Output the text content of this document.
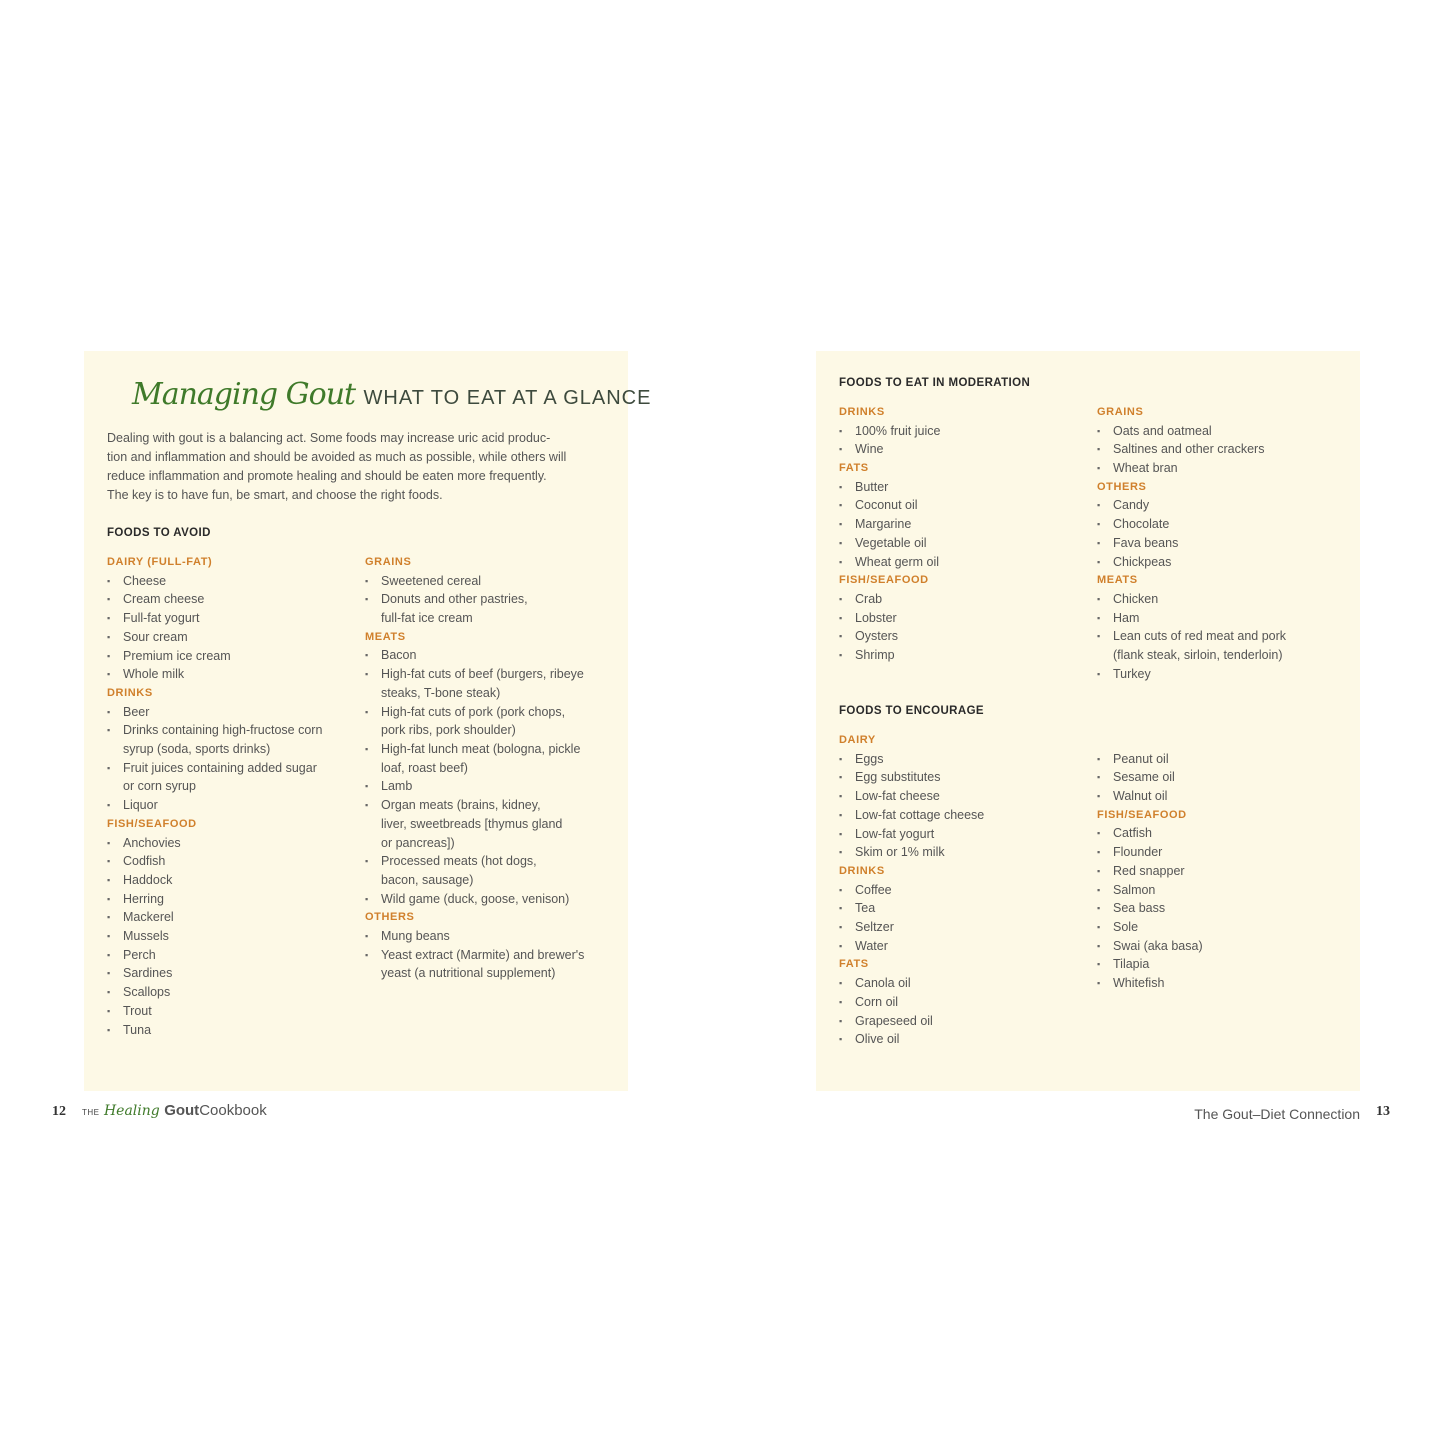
Managing Gout WHAT TO EAT AT A GLANCE

Dealing with gout is a balancing act. Some foods may increase uric acid produc-
tion and inflammation and should be avoided as much as possible, while others will
reduce inflammation and promote healing and should be eaten more frequently.
The key is to have fun, be smart, and choose the right foods.

FOODS TO AVOID
DAIRY (FULL-FAT)
▪ Cheese
▪ Cream cheese
▪ Full-fat yogurt
▪ Sour cream
▪ Premium ice cream
▪ Whole milk
DRINKS
▪ Beer
▪ Drinks containing high-fructose corn
syrup (soda, sports drinks)
▪ Fruit juices containing added sugar
or corn syrup
▪ Liquor
FISH/SEAFOOD
▪ Anchovies
▪ Codfish
▪ Haddock
▪ Herring
▪ Mackerel
▪ Mussels
▪ Perch
▪ Sardines
▪ Scallops
▪ Trout
▪ Tuna
GRAINS
▪ Sweetened cereal
▪ Donuts and other pastries,
full-fat ice cream
MEATS
▪ Bacon
▪ High-fat cuts of beef (burgers, ribeye
steaks, T-bone steak)
▪ High-fat cuts of pork (pork chops,
pork ribs, pork shoulder)
▪ High-fat lunch meat (bologna, pickle
loaf, roast beef)
▪ Lamb
▪ Organ meats (brains, kidney,
liver, sweetbreads [thymus gland
or pancreas])
▪ Processed meats (hot dogs,
bacon, sausage)
▪ Wild game (duck, goose, venison)
OTHERS
▪ Mung beans
▪ Yeast extract (Marmite) and brewer's
yeast (a nutritional supplement)
FOODS TO EAT IN MODERATION
DRINKS
▪ 100% fruit juice
▪ Wine
FATS
▪ Butter
▪ Coconut oil
▪ Margarine
▪ Vegetable oil
▪ Wheat germ oil
FISH/SEAFOOD
▪ Crab
▪ Lobster
▪ Oysters
▪ Shrimp
GRAINS
▪ Oats and oatmeal
▪ Saltines and other crackers
▪ Wheat bran
OTHERS
▪ Candy
▪ Chocolate
▪ Fava beans
▪ Chickpeas
MEATS
▪ Chicken
▪ Ham
▪ Lean cuts of red meat and pork
(flank steak, sirloin, tenderloin)
▪ Turkey
FOODS TO ENCOURAGE
DAIRY
▪ Eggs
▪ Egg substitutes
▪ Low-fat cheese
▪ Low-fat cottage cheese
▪ Low-fat yogurt
▪ Skim or 1% milk
DRINKS
▪ Coffee
▪ Tea
▪ Seltzer
▪ Water
FATS
▪ Canola oil
▪ Corn oil
▪ Grapeseed oil
▪ Olive oil
▪ Peanut oil
▪ Sesame oil
▪ Walnut oil
FISH/SEAFOOD
▪ Catfish
▪ Flounder
▪ Red snapper
▪ Salmon
▪ Sea bass
▪ Sole
▪ Swai (aka basa)
▪ Tilapia
▪ Whitefish
12 THE Healing GoutCookbook	The Gout–Diet Connection 13
